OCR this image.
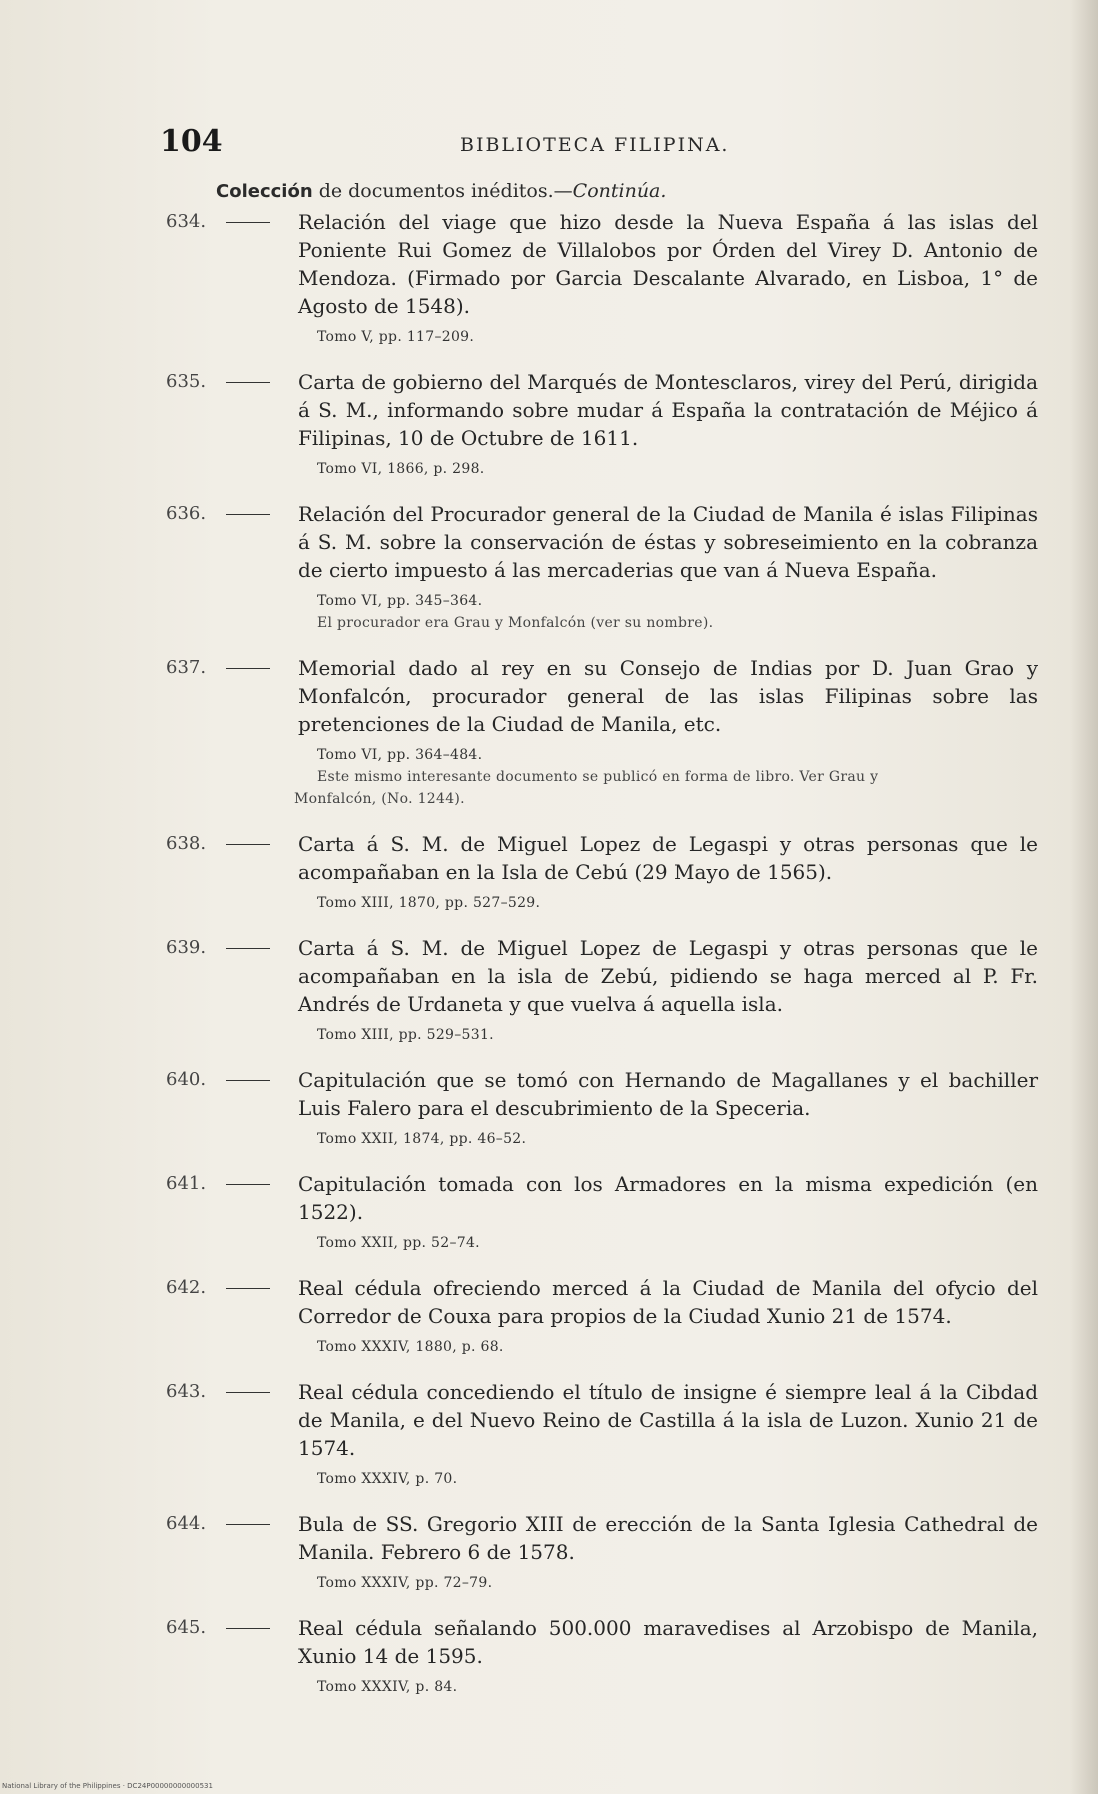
104	BIBLIOTECA FILIPINA.
Colección de documentos inéditos.—Continúa.
634.	Relación del viage que hizo desde la Nueva España á las islas del Poniente Rui Gomez de Villalobos por Órden del Virey D. Antonio de Mendoza. (Firmado por Garcia Descalante Alvarado, en Lisboa, 1° de Agosto de 1548).
Tomo V, pp. 117–209.
635.	Carta de gobierno del Marqués de Montesclaros, virey del Perú, dirigida á S. M., informando sobre mudar á España la contratación de Méjico á Filipinas, 10 de Octubre de 1611.
Tomo VI, 1866, p. 298.
636.	Relación del Procurador general de la Ciudad de Manila é islas Filipinas á S. M. sobre la conservación de éstas y sobreseimiento en la cobranza de cierto impuesto á las mercaderias que van á Nueva España.
Tomo VI, pp. 345–364.
El procurador era Grau y Monfalcón (ver su nombre).
637.	Memorial dado al rey en su Consejo de Indias por D. Juan Grao y Monfalcón, procurador general de las islas Filipinas sobre las pretenciones de la Ciudad de Manila, etc.
Tomo VI, pp. 364–484.
Este mismo interesante documento se publicó en forma de libro. Ver Grau y
Monfalcón, (No. 1244).
638.	Carta á S. M. de Miguel Lopez de Legaspi y otras personas que le acompañaban en la Isla de Cebú (29 Mayo de 1565).
Tomo XIII, 1870, pp. 527–529.
639.	Carta á S. M. de Miguel Lopez de Legaspi y otras personas que le acompañaban en la isla de Zebú, pidiendo se haga merced al P. Fr. Andrés de Urdaneta y que vuelva á aquella isla.
Tomo XIII, pp. 529–531.
640.	Capitulación que se tomó con Hernando de Magallanes y el bachiller Luis Falero para el descubrimiento de la Speceria.
Tomo XXII, 1874, pp. 46–52.
641.	Capitulación tomada con los Armadores en la misma expedición (en 1522).
Tomo XXII, pp. 52–74.
642.	Real cédula ofreciendo merced á la Ciudad de Manila del ofycio del Corredor de Couxa para propios de la Ciudad Xunio 21 de 1574.
Tomo XXXIV, 1880, p. 68.
643.	Real cédula concediendo el título de insigne é siempre leal á la Cibdad de Manila, e del Nuevo Reino de Castilla á la isla de Luzon. Xunio 21 de 1574.
Tomo XXXIV, p. 70.
644.	Bula de SS. Gregorio XIII de erección de la Santa Iglesia Cathedral de Manila. Febrero 6 de 1578.
Tomo XXXIV, pp. 72–79.
645.	Real cédula señalando 500.000 maravedises al Arzobispo de Manila, Xunio 14 de 1595.
Tomo XXXIV, p. 84.
National Library of the Philippines · DC24P00000000000531
